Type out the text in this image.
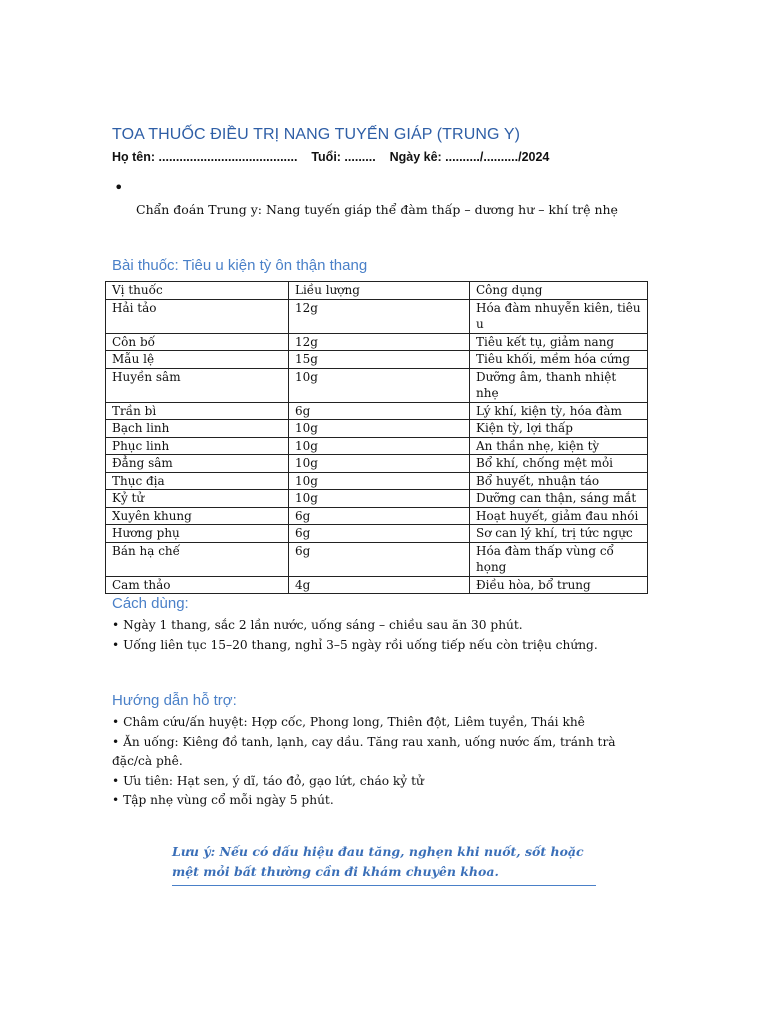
TOA THUỐC ĐIỀU TRỊ NANG TUYẾN GIÁP (TRUNG Y)
Họ tên: ........................................ Tuổi: ......... Ngày kê: ........../........../2024
•
Chẩn đoán Trung y: Nang tuyến giáp thể đàm thấp – dương hư – khí trệ nhẹ
Bài thuốc: Tiêu u kiện tỳ ôn thận thang
Vị thuốc	Liều lượng	Công dụng
Hải tảo	12g	Hóa đàm nhuyễn kiên, tiêu u
Côn bố	12g	Tiêu kết tụ, giảm nang
Mẫu lệ	15g	Tiêu khối, mềm hóa cứng
Huyền sâm	10g	Dưỡng âm, thanh nhiệt nhẹ
Trần bì	6g	Lý khí, kiện tỳ, hóa đàm
Bạch linh	10g	Kiện tỳ, lợi thấp
Phục linh	10g	An thần nhẹ, kiện tỳ
Đẳng sâm	10g	Bổ khí, chống mệt mỏi
Thục địa	10g	Bổ huyết, nhuận táo
Kỷ tử	10g	Dưỡng can thận, sáng mắt
Xuyên khung	6g	Hoạt huyết, giảm đau nhói
Hương phụ	6g	Sơ can lý khí, trị tức ngực
Bán hạ chế	6g	Hóa đàm thấp vùng cổ họng
Cam thảo	4g	Điều hòa, bổ trung
Cách dùng:
• Ngày 1 thang, sắc 2 lần nước, uống sáng – chiều sau ăn 30 phút.
• Uống liên tục 15–20 thang, nghỉ 3–5 ngày rồi uống tiếp nếu còn triệu chứng.
Hướng dẫn hỗ trợ:
• Châm cứu/ấn huyệt: Hợp cốc, Phong long, Thiên đột, Liêm tuyền, Thái khê
• Ăn uống: Kiêng đồ tanh, lạnh, cay dầu. Tăng rau xanh, uống nước ấm, tránh trà đặc/cà phê.
• Ưu tiên: Hạt sen, ý dĩ, táo đỏ, gạo lứt, cháo kỷ tử
• Tập nhẹ vùng cổ mỗi ngày 5 phút.
Lưu ý: Nếu có dấu hiệu đau tăng, nghẹn khi nuốt, sốt hoặc mệt mỏi bất thường cần đi khám chuyên khoa.
